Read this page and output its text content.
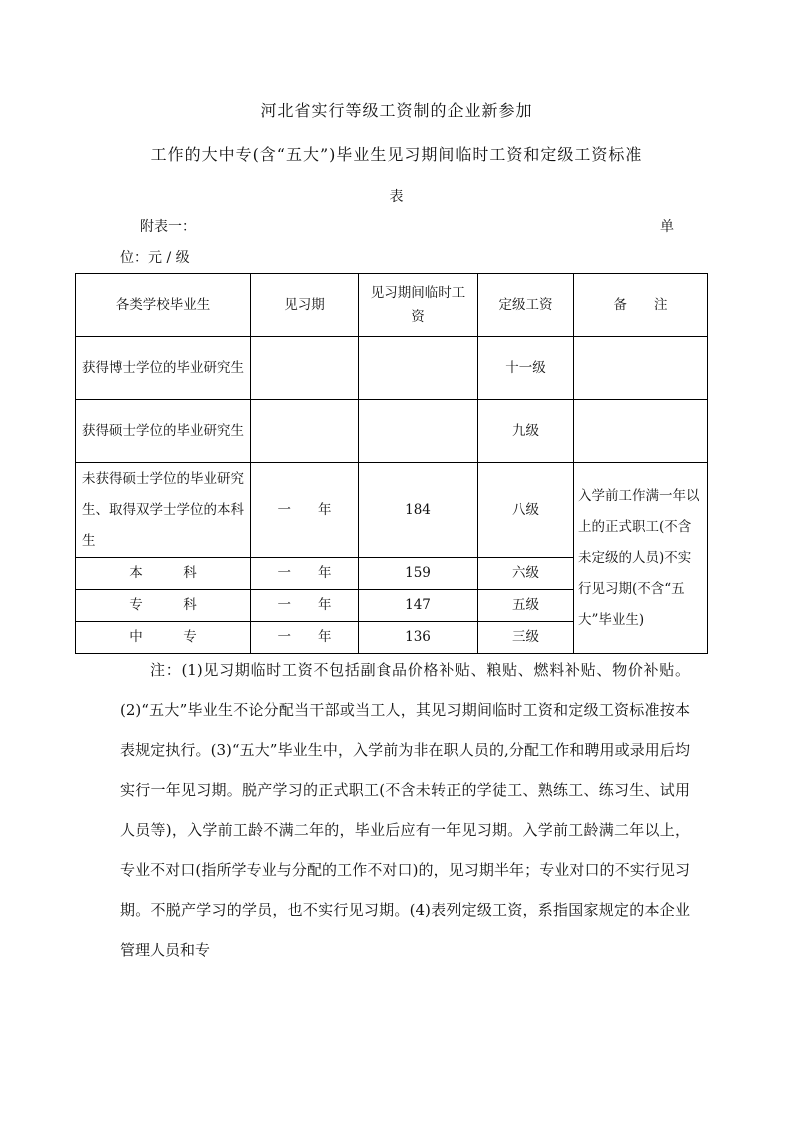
河北省实行等级工资制的企业新参加
工作的大中专(含“五大”)毕业生见习期间临时工资和定级工资标准
表
附表一：	单
位：元 / 级
各类学校毕业生	见习期	见习期间临时工资	定级工资	备　　注
获得博士学位的毕业研究生			十一级	
获得硕士学位的毕业研究生			九级	
未获得硕士学位的毕业研究生、取得双学士学位的本科生	一　　年	184	八级	入学前工作满一年以上的正式职工(不含未定级的人员)不实行见习期(不含“五大”毕业生)
本　　　科	一　　年	159	六级	
专　　　科	一　　年	147	五级	
中　　　专	一　　年	136	三级	

注：(1)见习期临时工资不包括副食品价格补贴、粮贴、燃料补贴、物价补贴。(2)“五大”毕业生不论分配当干部或当工人，其见习期间临时工资和定级工资标准按本表规定执行。(3)“五大”毕业生中，入学前为非在职人员的,分配工作和聘用或录用后均实行一年见习期。脱产学习的正式职工(不含未转正的学徒工、熟练工、练习生、试用人员等)，入学前工龄不满二年的，毕业后应有一年见习期。入学前工龄满二年以上，专业不对口(指所学专业与分配的工作不对口)的，见习期半年；专业对口的不实行见习期。不脱产学习的学员，也不实行见习期。(4)表列定级工资，系指国家规定的本企业管理人员和专
